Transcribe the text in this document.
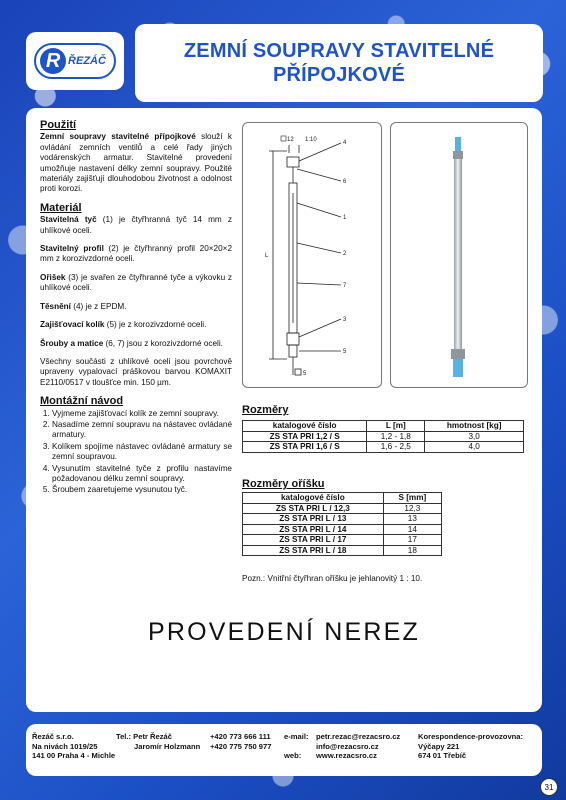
R ŘEZÁČ	ZEMNÍ SOUPRAVY STAVITELNÉ
PŘÍPOJKOVÉ
Použití

Zemní soupravy stavitelné přípojkové slouží k ovládání zemních ventilů a celé řady jiných vodárenských armatur. Stavitelné provedení umožňuje nastavení délky zemní soupravy. Použité materiály zajišťují dlouhodobou životnost a odolnost proti korozi.

Materiál

Stavitelná tyč (1) je čtyřhranná tyč 14 mm z uhlíkové oceli.

Stavitelný profil (2) je čtyřhranný profil 20×20×2 mm z korozivzdorné oceli.

Ořišek (3) je svařen ze čtyřhranné tyče a výkovku z uhlíkové oceli.

Těsnění (4) je z EPDM.

Zajišťovací kolík (5) je z korozivzdorné oceli.

Šrouby a matice (6, 7) jsou z korozivzdorné oceli.

Všechny součásti z uhlíkové oceli jsou povrchově upraveny vypalovací práškovou barvou KOMAXIT E2110/0517 v tloušťce min. 150 µm.

Montážní návod
1. Vyjmeme zajišťovací kolík ze zemní soupravy.
2. Nasadíme zemní soupravu na nástavec ovládané armatury.
3. Kolíkem spojíme nástavec ovládané armatury se zemní soupravou.
4. Vysunutím stavitelné tyče z profilu nastavíme požadovanou délku zemní soupravy.
5. Šroubem zaaretujeme vysunutou tyč.
12 1:10	4
6
1
2
7
3
5
L
5
Rozměry
katalogové číslo	L [m]	hmotnost [kg]
ZS STA PRI 1,2 / S	1,2 - 1,8	3,0
ZS STA PRI 1,6 / S	1,6 - 2,5	4,0
Rozměry oříšku
katalogové číslo	S [mm]
ZS STA PRI L / 12,3	12,3
ZS STA PRI L / 13	13
ZS STA PRI L / 14	14
ZS STA PRI L / 17	17
ZS STA PRI L / 18	18
Pozn.: Vnitřní čtyřhran oříšku je jehlanovitý 1 : 10.
PROVEDENÍ NEREZ
Řezáč s.r.o.
Na nivách 1019/25
141 00 Praha 4 - Michle
Tel.: Petr Řezáč
Jaromír Holzmann
+420 773 666 111
+420 775 750 977
e-mail:

web:
petr.rezac@rezacsro.cz
info@rezacsro.cz
www.rezacsro.cz
Korespondence-provozovna:
Výčapy 221
674 01 Třebíč
31
